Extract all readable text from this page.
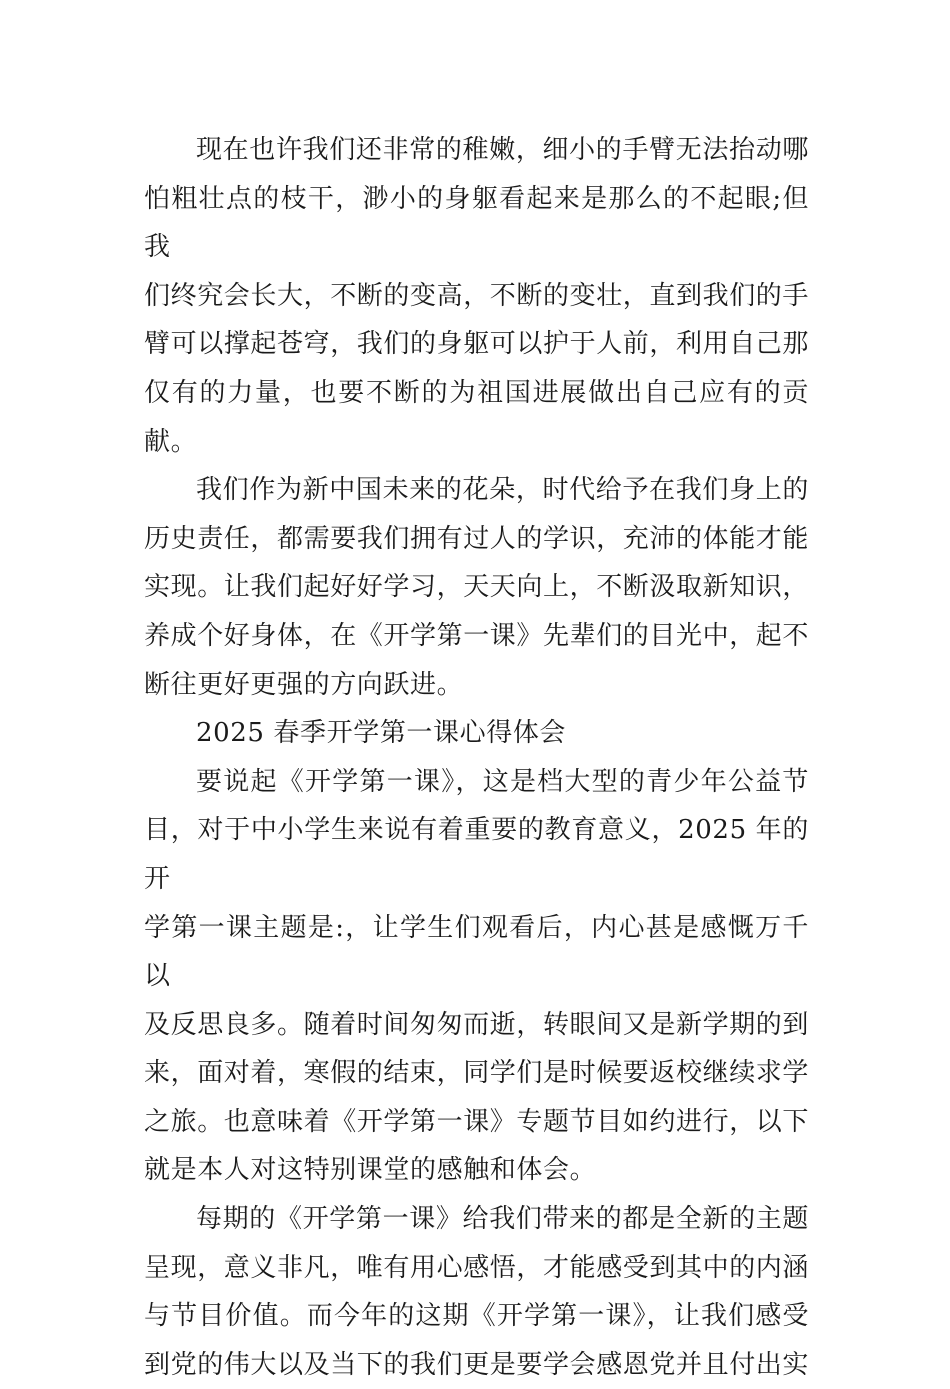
现在也许我们还非常的稚嫩，细小的手臂无法抬动哪
怕粗壮点的枝干，渺小的身躯看起来是那么的不起眼;但我
们终究会长大，不断的变高，不断的变壮，直到我们的手
臂可以撑起苍穹，我们的身躯可以护于人前，利用自己那
仅有的力量，也要不断的为祖国进展做出自己应有的贡献。

我们作为新中国未来的花朵，时代给予在我们身上的
历史责任，都需要我们拥有过人的学识，充沛的体能才能
实现。让我们起好好学习，天天向上，不断汲取新知识，
养成个好身体，在《开学第一课》先辈们的目光中，起不
断往更好更强的方向跃进。

2025 春季开学第一课心得体会

要说起《开学第一课》，这是档大型的青少年公益节
目，对于中小学生来说有着重要的教育意义，2025 年的开
学第一课主题是:，让学生们观看后，内心甚是感慨万千以
及反思良多。随着时间匆匆而逝，转眼间又是新学期的到
来，面对着，寒假的结束，同学们是时候要返校继续求学
之旅。也意味着《开学第一课》专题节目如约进行，以下
就是本人对这特别课堂的感触和体会。

每期的《开学第一课》给我们带来的都是全新的主题
呈现，意义非凡，唯有用心感悟，才能感受到其中的内涵
与节目价值。而今年的这期《开学第一课》，让我们感受
到党的伟大以及当下的我们更是要学会感恩党并且付出实
